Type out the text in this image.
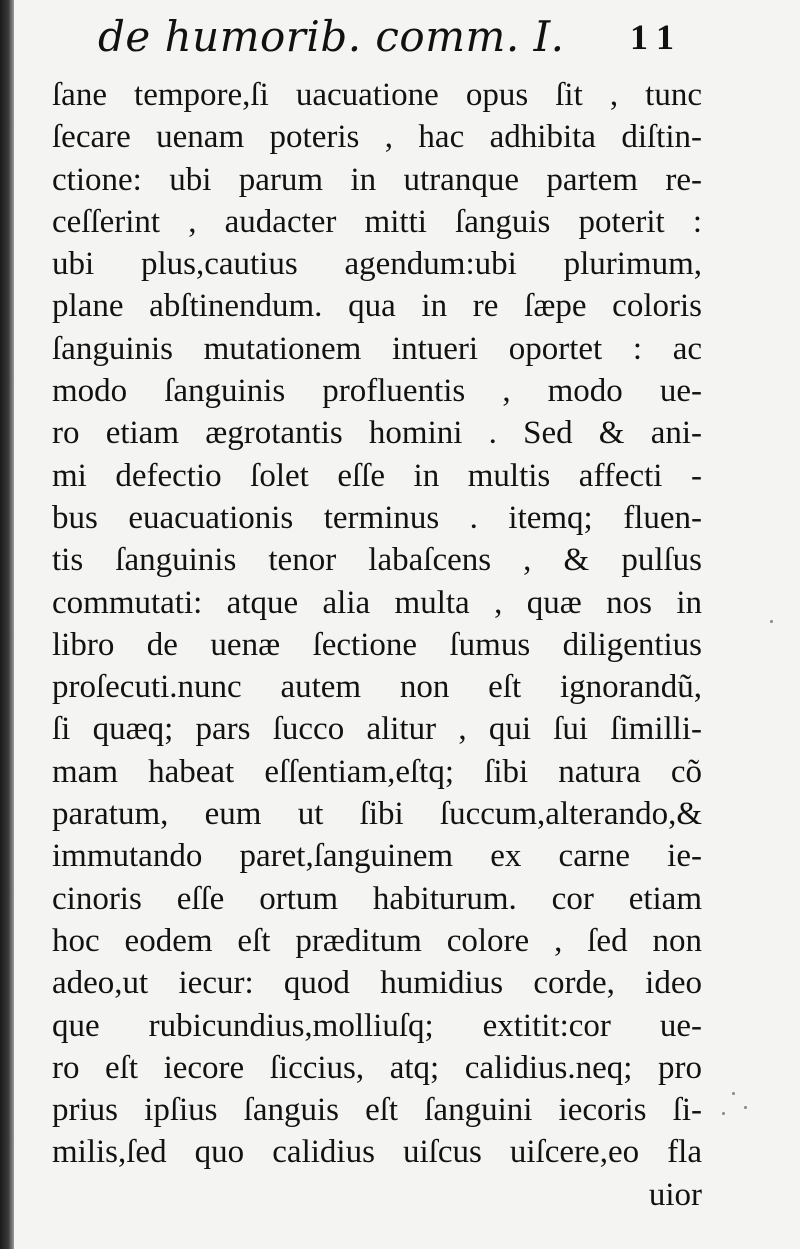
de humorib. comm. I. 11
ſane tempore,ſi uacuatione opus ſit , tunc
ſecare uenam poteris , hac adhibita diſtin-
ctione: ubi parum in utranque partem re-
ceſſerint , audacter mitti ſanguis poterit :
ubi plus,cautius agendum:ubi plurimum,
plane abſtinendum. qua in re ſæpe coloris
ſanguinis mutationem intueri oportet : ac
modo ſanguinis profluentis , modo ue-
ro etiam ægrotantis homini . Sed & ani-
mi defectio ſolet eſſe in multis affecti -
bus euacuationis terminus . itemq; fluen-
tis ſanguinis tenor labaſcens , & pulſus
commutati: atque alia multa , quæ nos in
libro de uenæ ſectione ſumus diligentius
proſecuti.nunc autem non eſt ignorandũ,
ſi quæq; pars ſucco alitur , qui ſui ſimilli-
mam habeat eſſentiam,eſtq; ſibi natura cõ
paratum, eum ut ſibi ſuccum,alterando,&
immutando paret,ſanguinem ex carne ie-
cinoris eſſe ortum habiturum. cor etiam
hoc eodem eſt præditum colore , ſed non
adeo,ut iecur: quod humidius corde, ideo
que rubicundius,molliuſq; extitit:cor ue-
ro eſt iecore ſiccius, atq; calidius.neq; pro
prius ipſius ſanguis eſt ſanguini iecoris ſi-
milis,ſed quo calidius uiſcus uiſcere,eo fla
uior
